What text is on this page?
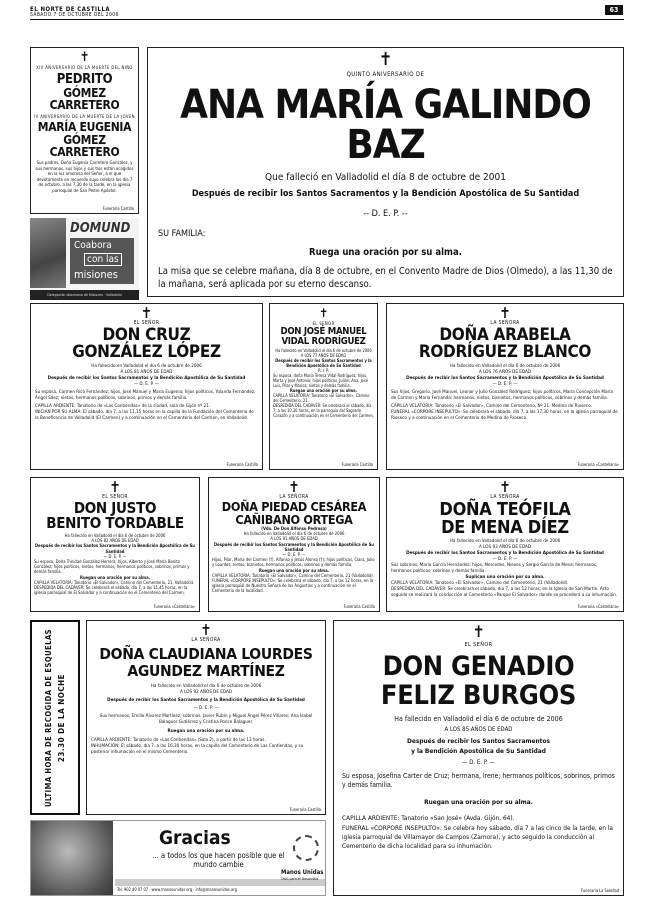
EL NORTE DE CASTILLA
SÁBADO 7 DE OCTUBRE DEL 2006
63
✝
XIII ANIVERSARIO DE LA MUERTE DEL NIÑO
PEDRITO
GÓMEZ CARRETERO
IV ANIVERSARIO DE LA MUERTE DE LA JOVEN
MARÍA EUGENIA
GÓMEZ CARRETERO
Sus padres, Doña Eugenia Carretero González, y sus hermanos, sus hijos y sus tíos están acogidos en la luz amorosa del Señor, a el que devotamente en recuerdo suyo celebra los día 7 de octubre, a las 7,30 de la tarde, en la iglesia parroquial de San Pedro Apóstol.
Funeraria Castilla
DOMUND
Coabora
con las
misiones
Delegación diocesana de Misiones · Valladolid
✝
QUINTO ANIVERSARIO DE
ANA MARÍA GALINDO BAZ
Que falleció en Valladolid el día 8 de octubre de 2001
Después de recibir los Santos Sacramentos y la Bendición Apostólica de Su Santidad
-- D. E. P. --
SU FAMILIA:
Ruega una oración por su alma.
La misa que se celebre mañana, día 8 de octubre, en el Convento Madre de Dios (Olmedo), a las 11,30 de la mañana, será aplicada por su eterno descanso.
✝
EL SEÑOR
DON CRUZ
GONZÁLEZ LÓPEZ
Ha fallecido en Valladolid el día 6 de octubre de 2006
A LOS 81 AÑOS DE EDAD
Después de recibir los Santos Sacramentos y la Bendición Apostólica de Su Santidad
— D. E. P. —
Su esposa, Carmen Rico Fernández; hijos, José Manuel y María Eugenia; hijos políticos, Yolanda Fernández, Ángel Sáez; nietos, hermanos políticos, sobrinos, primos y demás familia.
CAPILLA ARDIENTE: Tanatorio de «Las Contiendas» de la ciudad, sala de Gijón nº 21.
INICIAN POR SU ALMA: El sábado, día 7, a las 11,15 horas en la capilla de la Fundación del Cementerio de la Beneficencia de Valladolid (El Carmen) y a continuación en el Cementerio del Carmen, en Valladolid.
Funeraria Castilla
✝
EL SEÑOR
DON JOSÉ MANUEL
VIDAL RODRÍGUEZ
Ha fallecido en Valladolid el día 6 de octubre de 2006
A LOS 77 AÑOS DE EDAD
Después de recibir los Santos Sacramentos y la Bendición Apostólica de Su Santidad
R. I. P.
Su esposa, doña María Teresa Vidal Rodríguez; hijos, Marta y José Antonio; hijos políticos, Julián, Ana, José Luis, Pilar y Marisa; nietos y demás familia.
Ruegan una oración por su alma.
CAPILLA VELATORIA: Tanatorio «El Salvador», Camino del Cementerio, 21.
DESPEDIDA DEL CADÁVER: Se celebrará el sábado, día 7, a las 10,30 horas, en la parroquia del Sagrado Corazón y a continuación en el Cementerio del Carmen.
Funeraria Castilla
✝
LA SEÑORA
DOÑA ARABELA
RODRÍGUEZ BLANCO
Ha fallecido en Valladolid el día 6 de octubre de 2006
A LOS 76 AÑOS DE EDAD
Después de recibir los Santos Sacramentos y la Bendición Apostólica de Su Santidad
— D. E. P. —
Sus hijos, Gregorio, José Manuel, Leonor y Julio González Rodríguez; hijos políticos, María Concepción María de Carmen y María Fernanda; hermanos, nietos, bisnietos, hermanos políticos, sobrinos y demás familia.
CAPILLA VELATORIA: Tanatorio «El Salvador», Camino del Cementerio, Nº 21. Medina de Rioseco.
FUNERAL «CORPORE INSEPULTO»: Se celebrará el sábado, día 7, a las 17,30 horas, en la iglesia parroquial de Rioseco y a continuación en el Cementerio de Medina de Rioseco.
Funeraria «Castellana»
✝
EL SEÑOR
DON JUSTO
BENITO TORDABLE
Ha fallecido en Valladolid el día 6 de octubre de 2006
A LOS 82 AÑOS DE EDAD
Después de recibir los Santos Sacramentos y la Bendición Apostólica de Su Santidad
— D. E. P. —
Su esposa, Doña Trinidad González Herrera; hijos, Alberto y José María Benito González; hijos políticos, nietos, hermanos, hermanos políticos, sobrinos, primos y demás familia.
Ruegan una oración por su alma.
CAPILLA VELATORIA: Tanatorio «El Salvador», Camino del Cementerio, 21. Valladolid.
DESPEDIDA DEL CADÁVER: Se celebrará el sábado, día 7, a las 11,45 horas, en la iglesia parroquial de El Salvador y a continuación en el Cementerio del Carmen.
Funeraria «Castellana»
✝
LA SEÑORA
DOÑA PIEDAD CESÁREA
CAÑIBANO ORTEGA
(Vda. De Don Alfonso Pedrosa)
Ha fallecido en Valladolid el día 6 de octubre de 2006
A LOS 91 AÑOS DE EDAD
Después de recibir los Santos Sacramentos y la Bendición Apostólica de Su Santidad
— D. E. P. —
Hijos, Pilar, María del Carmen (†), Alfonso y Jesús Alonso (†); hijos políticos, Clara, Julio y Lourdes; nietos, biznietos, hermanos políticos, sobrinos y demás familia.
Ruegan una oración por su alma.
CAPILLA VELATORIA: Tanatorio «El Salvador», Camino del Cementerio, 21 (Valladolid).
FUNERAL «CORPORE INSEPULTO»: Se celebrará el sábado, día 7, a las 12 horas, en la iglesia parroquial de Nuestra Señora de las Angustias y a continuación en el Cementerio de la localidad.
Funeraria Castilla
✝
LA SEÑORA
DOÑA TEÓFILA
DE MENA DÍEZ
Ha fallecido en Valladolid el día 6 de octubre de 2006
A LOS 93 AÑOS DE EDAD
Después de recibir los Santos Sacramentos y la Bendición Apostólica de Su Santidad
— D. E. P. —
Sus sobrinos, María García Hernández; hijos, Mercedes, Nieves y Sergio García de Mena; hermanos, hermanos políticos, sobrinos y demás familia.
Suplican una oración por su alma.
CAPILLA VELATORIA: Tanatorio «El Salvador», Camino del Cementerio, 21 (Valladolid).
DESPEDIDA DEL CADÁVER: Se celebrará el sábado, día 7, a las 12 horas, en la Iglesia de San Martín. Acto seguido se realizará la conducción al Cementerio «Parque El Salvador» donde se procederá a su inhumación.
Funeraria «Castellana»
ÚLTIMA HORA DE RECOGIDA DE ESQUELAS 23.30 DE LA NOCHE
✝
LA SEÑORA
DOÑA CLAUDIANA LOURDES
AGUNDEZ MARTÍNEZ
Ha fallecido en Valladolid el día 6 de octubre de 2006
A LOS 92 AÑOS DE EDAD
Después de recibir los Santos Sacramentos y la Bendición Apostólica de Su Santidad
— D. E. P. —
Sus hermanos, Emilio Álvarez Martínez; sobrinos, Javier Rubín y Miguel Ángel Pérez Villares; Ana Isabel Balaguer Gutiérrez y Cristina Ponce Balaguer.
Ruegan una oración por su alma.
CAPILLA ARDIENTE: Tanatorio de «Las Contiendas» (Sala 2), a partir de las 13 horas.
INHUMACIÓN: El sábado, día 7, a las 16,30 horas, en la capilla del Cementerio de Las Contiendas, y su posterior inhumación en el mismo Cementerio.
Funeraria Castilla
Gracias
... a todos los que hacen posible que el mundo cambie
Tel. 902 40 07 07 · www.manosunidas.org · info@manosunidas.org
Manos Unidas
ONG para el Desarrollo
✝
EL SEÑOR
DON GENADIO
FELIZ BURGOS
Ha fallecido en Valladolid el día 6 de octubre de 2006
A LOS 85 AÑOS DE EDAD
Después de recibir los Santos Sacramentos
y la Bendición Apostólica de Su Santidad
— D. E. P. —
Su esposa, Josefina Carter de Cruz; hermana, Irene; hermanos políticos, sobrinos, primos y demás familia.
Ruegan una oración por su alma.
CAPILLA ARDIENTE: Tanatorio «San José» (Avda. Gijón, 64).
FUNERAL «CORPORE INSEPULTO»: Se celebra hoy sábado, día 7 a las cinco de la tarde, en la iglesia parroquial de Villamayor de Campos (Zamora), y acto seguido la conducción al Cementerio de dicha localidad para su inhumación.
Funeraria La Soledad
